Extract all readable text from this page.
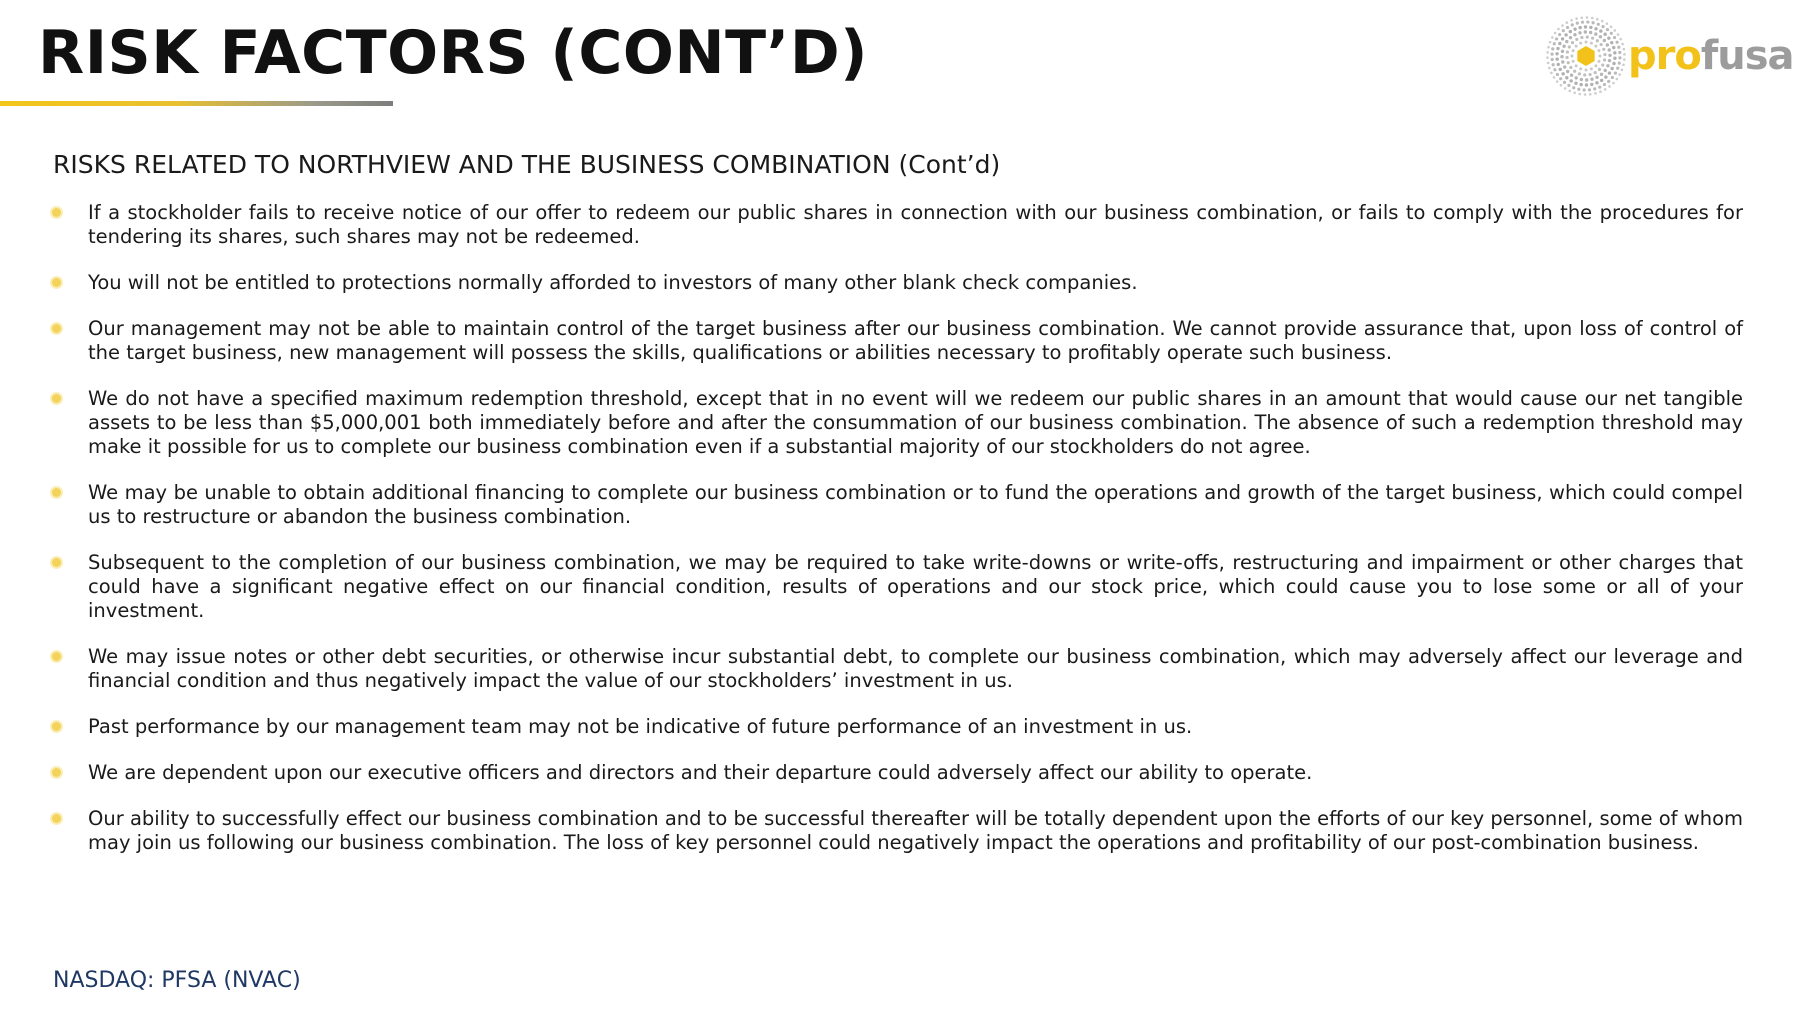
RISK FACTORS (CONT’D)	profusa
RISKS RELATED TO NORTHVIEW AND THE BUSINESS COMBINATION (Cont’d)
If a stockholder fails to receive notice of our offer to redeem our public shares in connection with our business combination, or fails to comply with the procedures for tendering its shares, such shares may not be redeemed.
You will not be entitled to protections normally afforded to investors of many other blank check companies.
Our management may not be able to maintain control of the target business after our business combination. We cannot provide assurance that, upon loss of control of the target business, new management will possess the skills, qualifications or abilities necessary to profitably operate such business.
We do not have a specified maximum redemption threshold, except that in no event will we redeem our public shares in an amount that would cause our net tangible assets to be less than $5,000,001 both immediately before and after the consummation of our business combination. The absence of such a redemption threshold may make it possible for us to complete our business combination even if a substantial majority of our stockholders do not agree.
We may be unable to obtain additional financing to complete our business combination or to fund the operations and growth of the target business, which could compel us to restructure or abandon the business combination.
Subsequent to the completion of our business combination, we may be required to take write-downs or write-offs, restructuring and impairment or other charges that could have a significant negative effect on our financial condition, results of operations and our stock price, which could cause you to lose some or all of your investment.
We may issue notes or other debt securities, or otherwise incur substantial debt, to complete our business combination, which may adversely affect our leverage and financial condition and thus negatively impact the value of our stockholders’ investment in us.
Past performance by our management team may not be indicative of future performance of an investment in us.
We are dependent upon our executive officers and directors and their departure could adversely affect our ability to operate.
Our ability to successfully effect our business combination and to be successful thereafter will be totally dependent upon the efforts of our key personnel, some of whom may join us following our business combination. The loss of key personnel could negatively impact the operations and profitability of our post-combination business.

NASDAQ: PFSA (NVAC)
